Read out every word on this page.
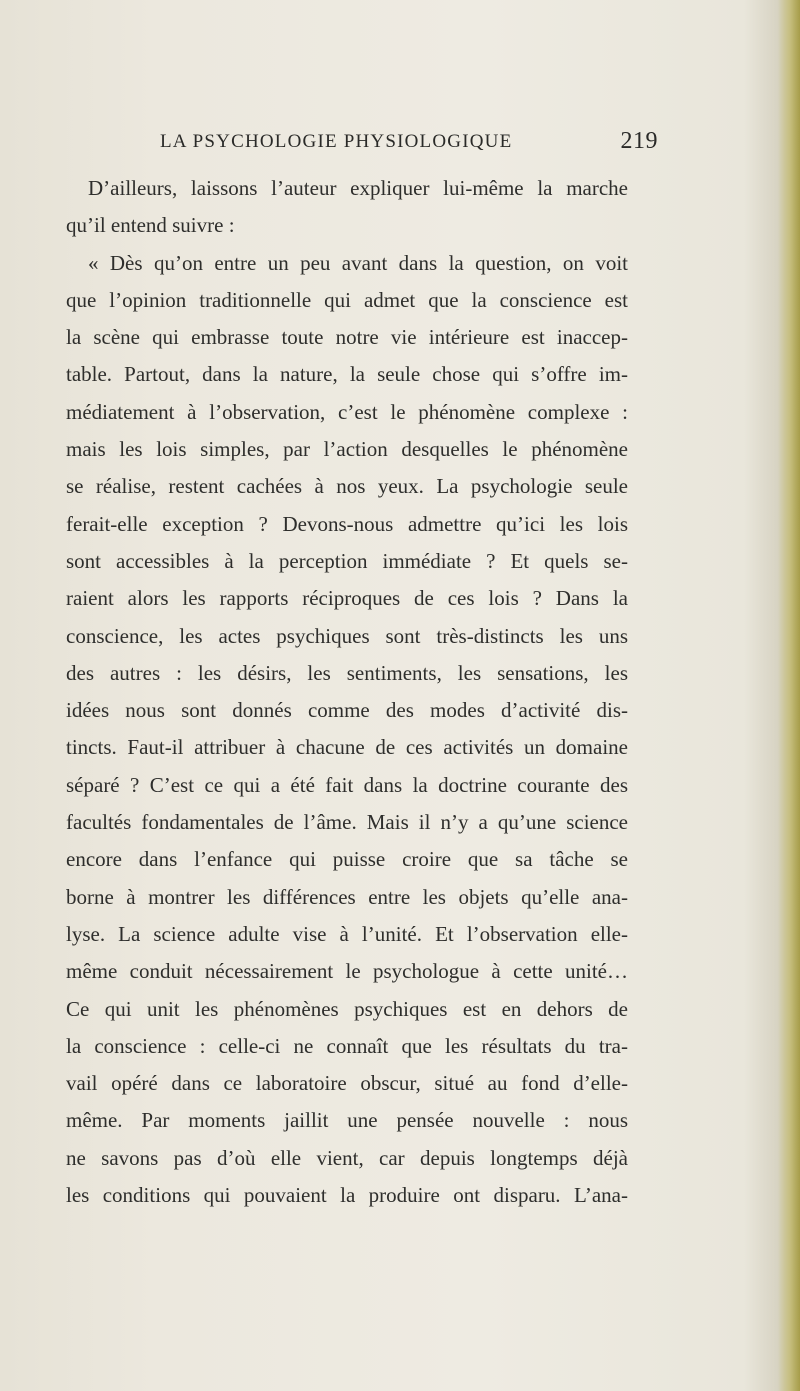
LA PSYCHOLOGIE PHYSIOLOGIQUE	219
D’ailleurs, laissons l’auteur expliquer lui-même la marche
qu’il entend suivre :
« Dès qu’on entre un peu avant dans la question, on voit
que l’opinion traditionnelle qui admet que la conscience est
la scène qui embrasse toute notre vie intérieure est inaccep-
table. Partout, dans la nature, la seule chose qui s’offre im-
médiatement à l’observation, c’est le phénomène complexe :
mais les lois simples, par l’action desquelles le phénomène
se réalise, restent cachées à nos yeux. La psychologie seule
ferait-elle exception ? Devons-nous admettre qu’ici les lois
sont accessibles à la perception immédiate ? Et quels se-
raient alors les rapports réciproques de ces lois ? Dans la
conscience, les actes psychiques sont très-distincts les uns
des autres : les désirs, les sentiments, les sensations, les
idées nous sont donnés comme des modes d’activité dis-
tincts. Faut-il attribuer à chacune de ces activités un domaine
séparé ? C’est ce qui a été fait dans la doctrine courante des
facultés fondamentales de l’âme. Mais il n’y a qu’une science
encore dans l’enfance qui puisse croire que sa tâche se
borne à montrer les différences entre les objets qu’elle ana-
lyse. La science adulte vise à l’unité. Et l’observation elle-
même conduit nécessairement le psychologue à cette unité…
Ce qui unit les phénomènes psychiques est en dehors de
la conscience : celle-ci ne connaît que les résultats du tra-
vail opéré dans ce laboratoire obscur, situé au fond d’elle-
même. Par moments jaillit une pensée nouvelle : nous
ne savons pas d’où elle vient, car depuis longtemps déjà
les conditions qui pouvaient la produire ont disparu. L’ana-
